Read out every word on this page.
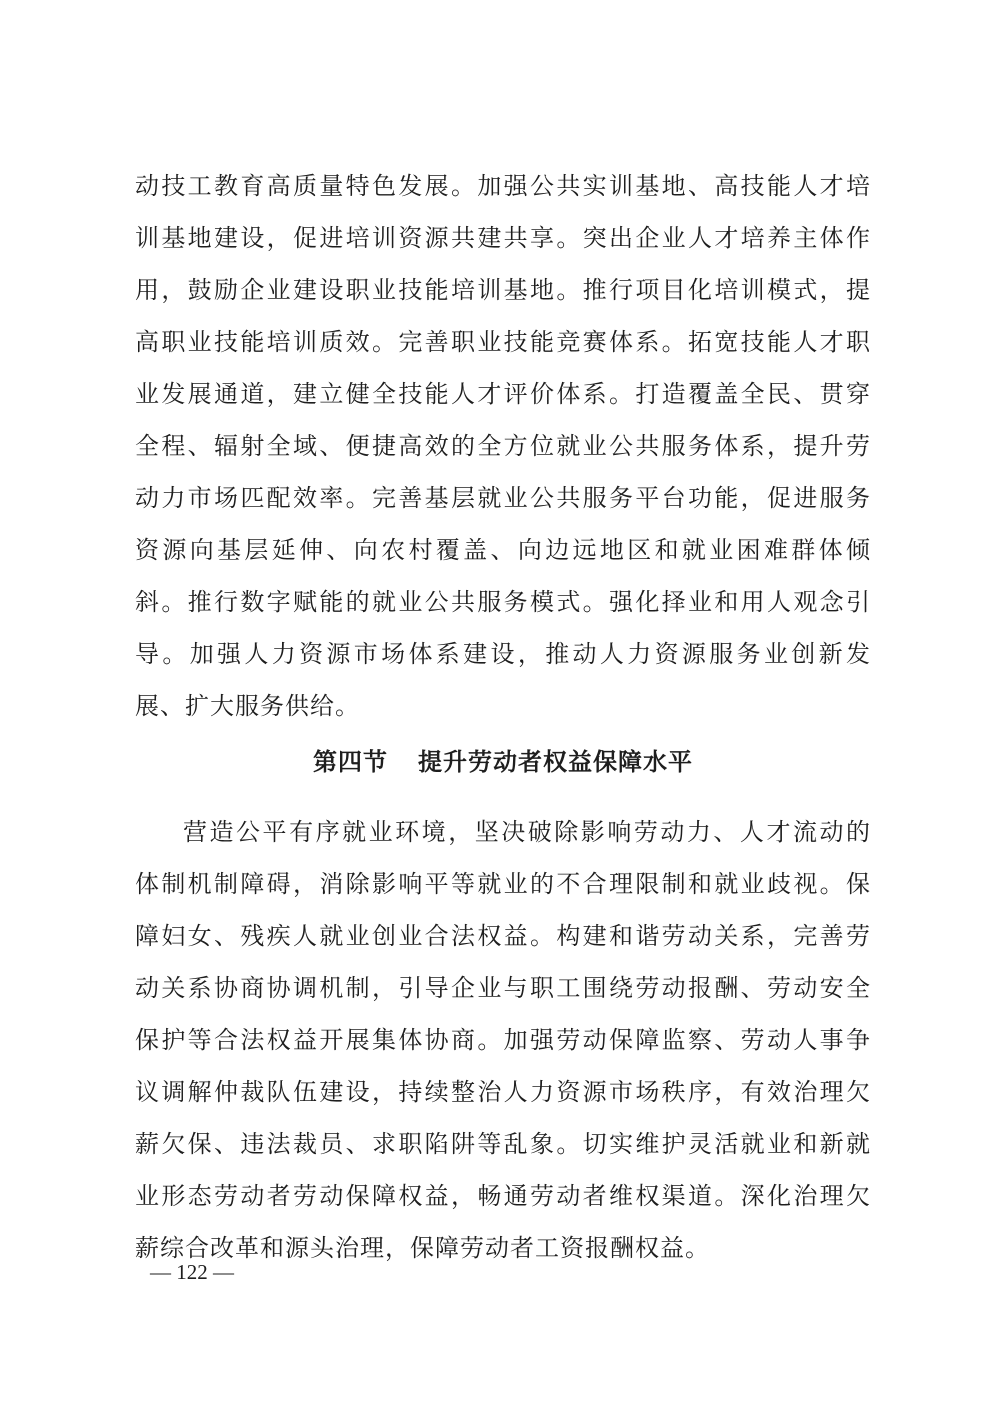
动技工教育高质量特色发展。加强公共实训基地、高技能人才培
训基地建设，促进培训资源共建共享。突出企业人才培养主体作
用，鼓励企业建设职业技能培训基地。推行项目化培训模式，提
高职业技能培训质效。完善职业技能竞赛体系。拓宽技能人才职
业发展通道，建立健全技能人才评价体系。打造覆盖全民、贯穿
全程、辐射全域、便捷高效的全方位就业公共服务体系，提升劳
动力市场匹配效率。完善基层就业公共服务平台功能，促进服务
资源向基层延伸、向农村覆盖、向边远地区和就业困难群体倾
斜。推行数字赋能的就业公共服务模式。强化择业和用人观念引
导。加强人力资源市场体系建设，推动人力资源服务业创新发
展、扩大服务供给。
第四节 提升劳动者权益保障水平
营造公平有序就业环境，坚决破除影响劳动力、人才流动的
体制机制障碍，消除影响平等就业的不合理限制和就业歧视。保
障妇女、残疾人就业创业合法权益。构建和谐劳动关系，完善劳
动关系协商协调机制，引导企业与职工围绕劳动报酬、劳动安全
保护等合法权益开展集体协商。加强劳动保障监察、劳动人事争
议调解仲裁队伍建设，持续整治人力资源市场秩序，有效治理欠
薪欠保、违法裁员、求职陷阱等乱象。切实维护灵活就业和新就
业形态劳动者劳动保障权益，畅通劳动者维权渠道。深化治理欠
薪综合改革和源头治理，保障劳动者工资报酬权益。
— 122 —
